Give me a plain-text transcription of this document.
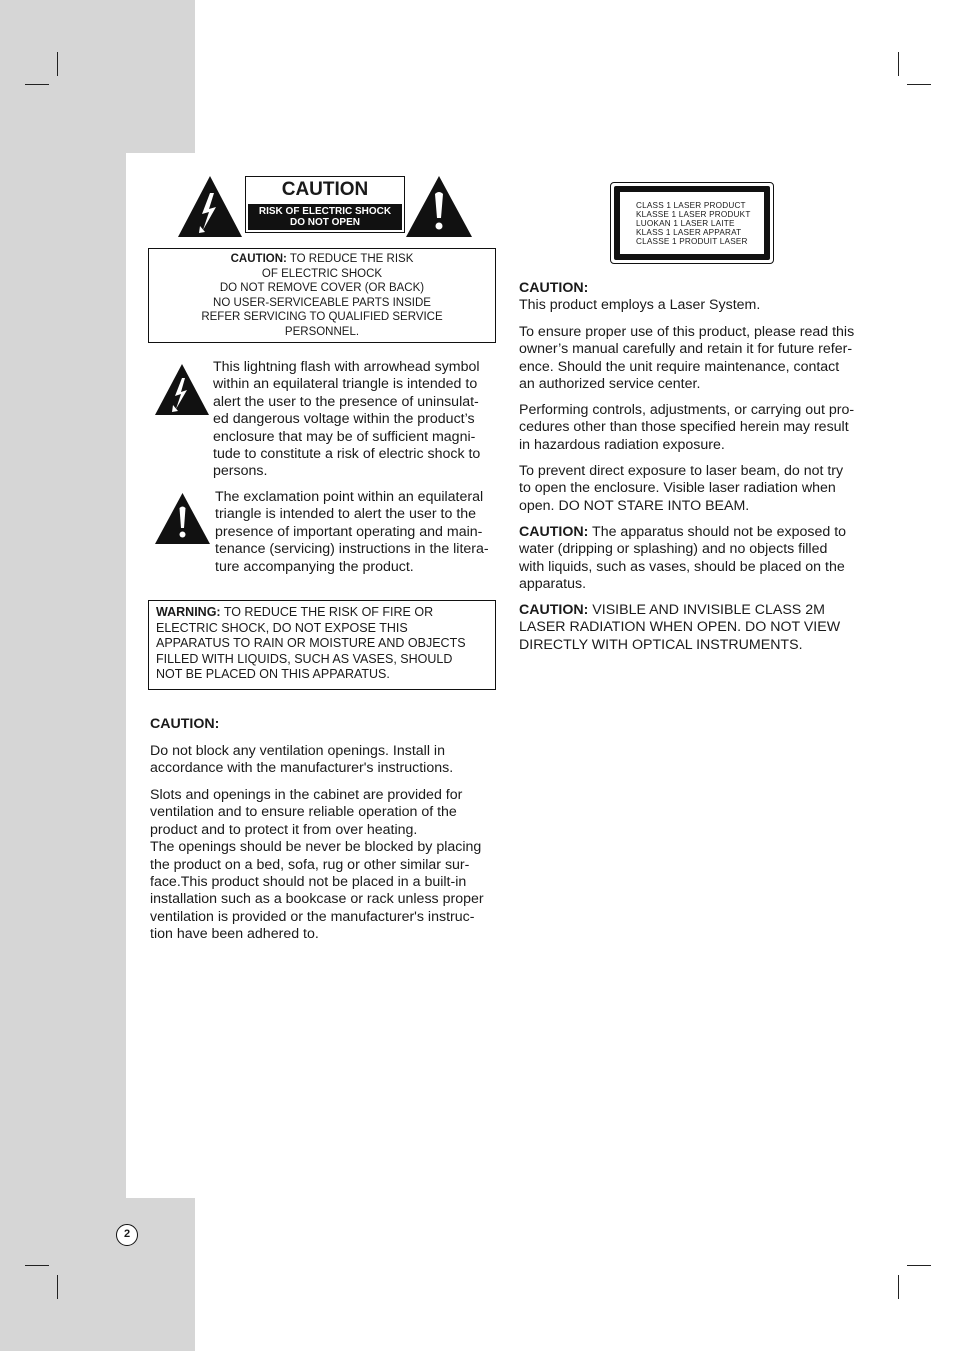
2
CAUTION
RISK OF ELECTRIC SHOCK
DO NOT OPEN
CAUTION: TO REDUCE THE RISK
OF ELECTRIC SHOCK
DO NOT REMOVE COVER (OR BACK)
NO USER-SERVICEABLE PARTS INSIDE
REFER SERVICING TO QUALIFIED SERVICE
PERSONNEL.
This lightning flash with arrowhead symbol
within an equilateral triangle is intended to
alert the user to the presence of uninsulat-
ed dangerous voltage within the product’s
enclosure that may be of sufficient magni-
tude to constitute a risk of electric shock to
persons.
The exclamation point within an equilateral
triangle is intended to alert the user to the
presence of important operating and main-
tenance (servicing) instructions in the litera-
ture accompanying the product.
WARNING: TO REDUCE THE RISK OF FIRE OR
ELECTRIC SHOCK, DO NOT EXPOSE THIS
APPARATUS TO RAIN OR MOISTURE AND OBJECTS
FILLED WITH LIQUIDS, SUCH AS VASES, SHOULD
NOT BE PLACED ON THIS APPARATUS.
CAUTION:
Do not block any ventilation openings. Install in
accordance with the manufacturer's instructions.
Slots and openings in the cabinet are provided for
ventilation and to ensure reliable operation of the
product and to protect it from over heating.
The openings should be never be blocked by placing
the product on a bed, sofa, rug or other similar sur-
face.This product should not be placed in a built-in
installation such as a bookcase or rack unless proper
ventilation is provided or the manufacturer's instruc-
tion have been adhered to.
CLASS 1 LASER PRODUCT
KLASSE 1 LASER PRODUKT
LUOKAN 1 LASER LAITE
KLASS 1 LASER APPARAT
CLASSE 1 PRODUIT LASER
CAUTION:
This product employs a Laser System.
To ensure proper use of this product, please read this
owner’s manual carefully and retain it for future refer-
ence. Should the unit require maintenance, contact
an authorized service center.
Performing controls, adjustments, or carrying out pro-
cedures other than those specified herein may result
in hazardous radiation exposure.
To prevent direct exposure to laser beam, do not try
to open the enclosure. Visible laser radiation when
open. DO NOT STARE INTO BEAM.
CAUTION: The apparatus should not be exposed to
water (dripping or splashing) and no objects filled
with liquids, such as vases, should be placed on the
apparatus.
CAUTION: VISIBLE AND INVISIBLE CLASS 2M
LASER RADIATION WHEN OPEN. DO NOT VIEW
DIRECTLY WITH OPTICAL INSTRUMENTS.
